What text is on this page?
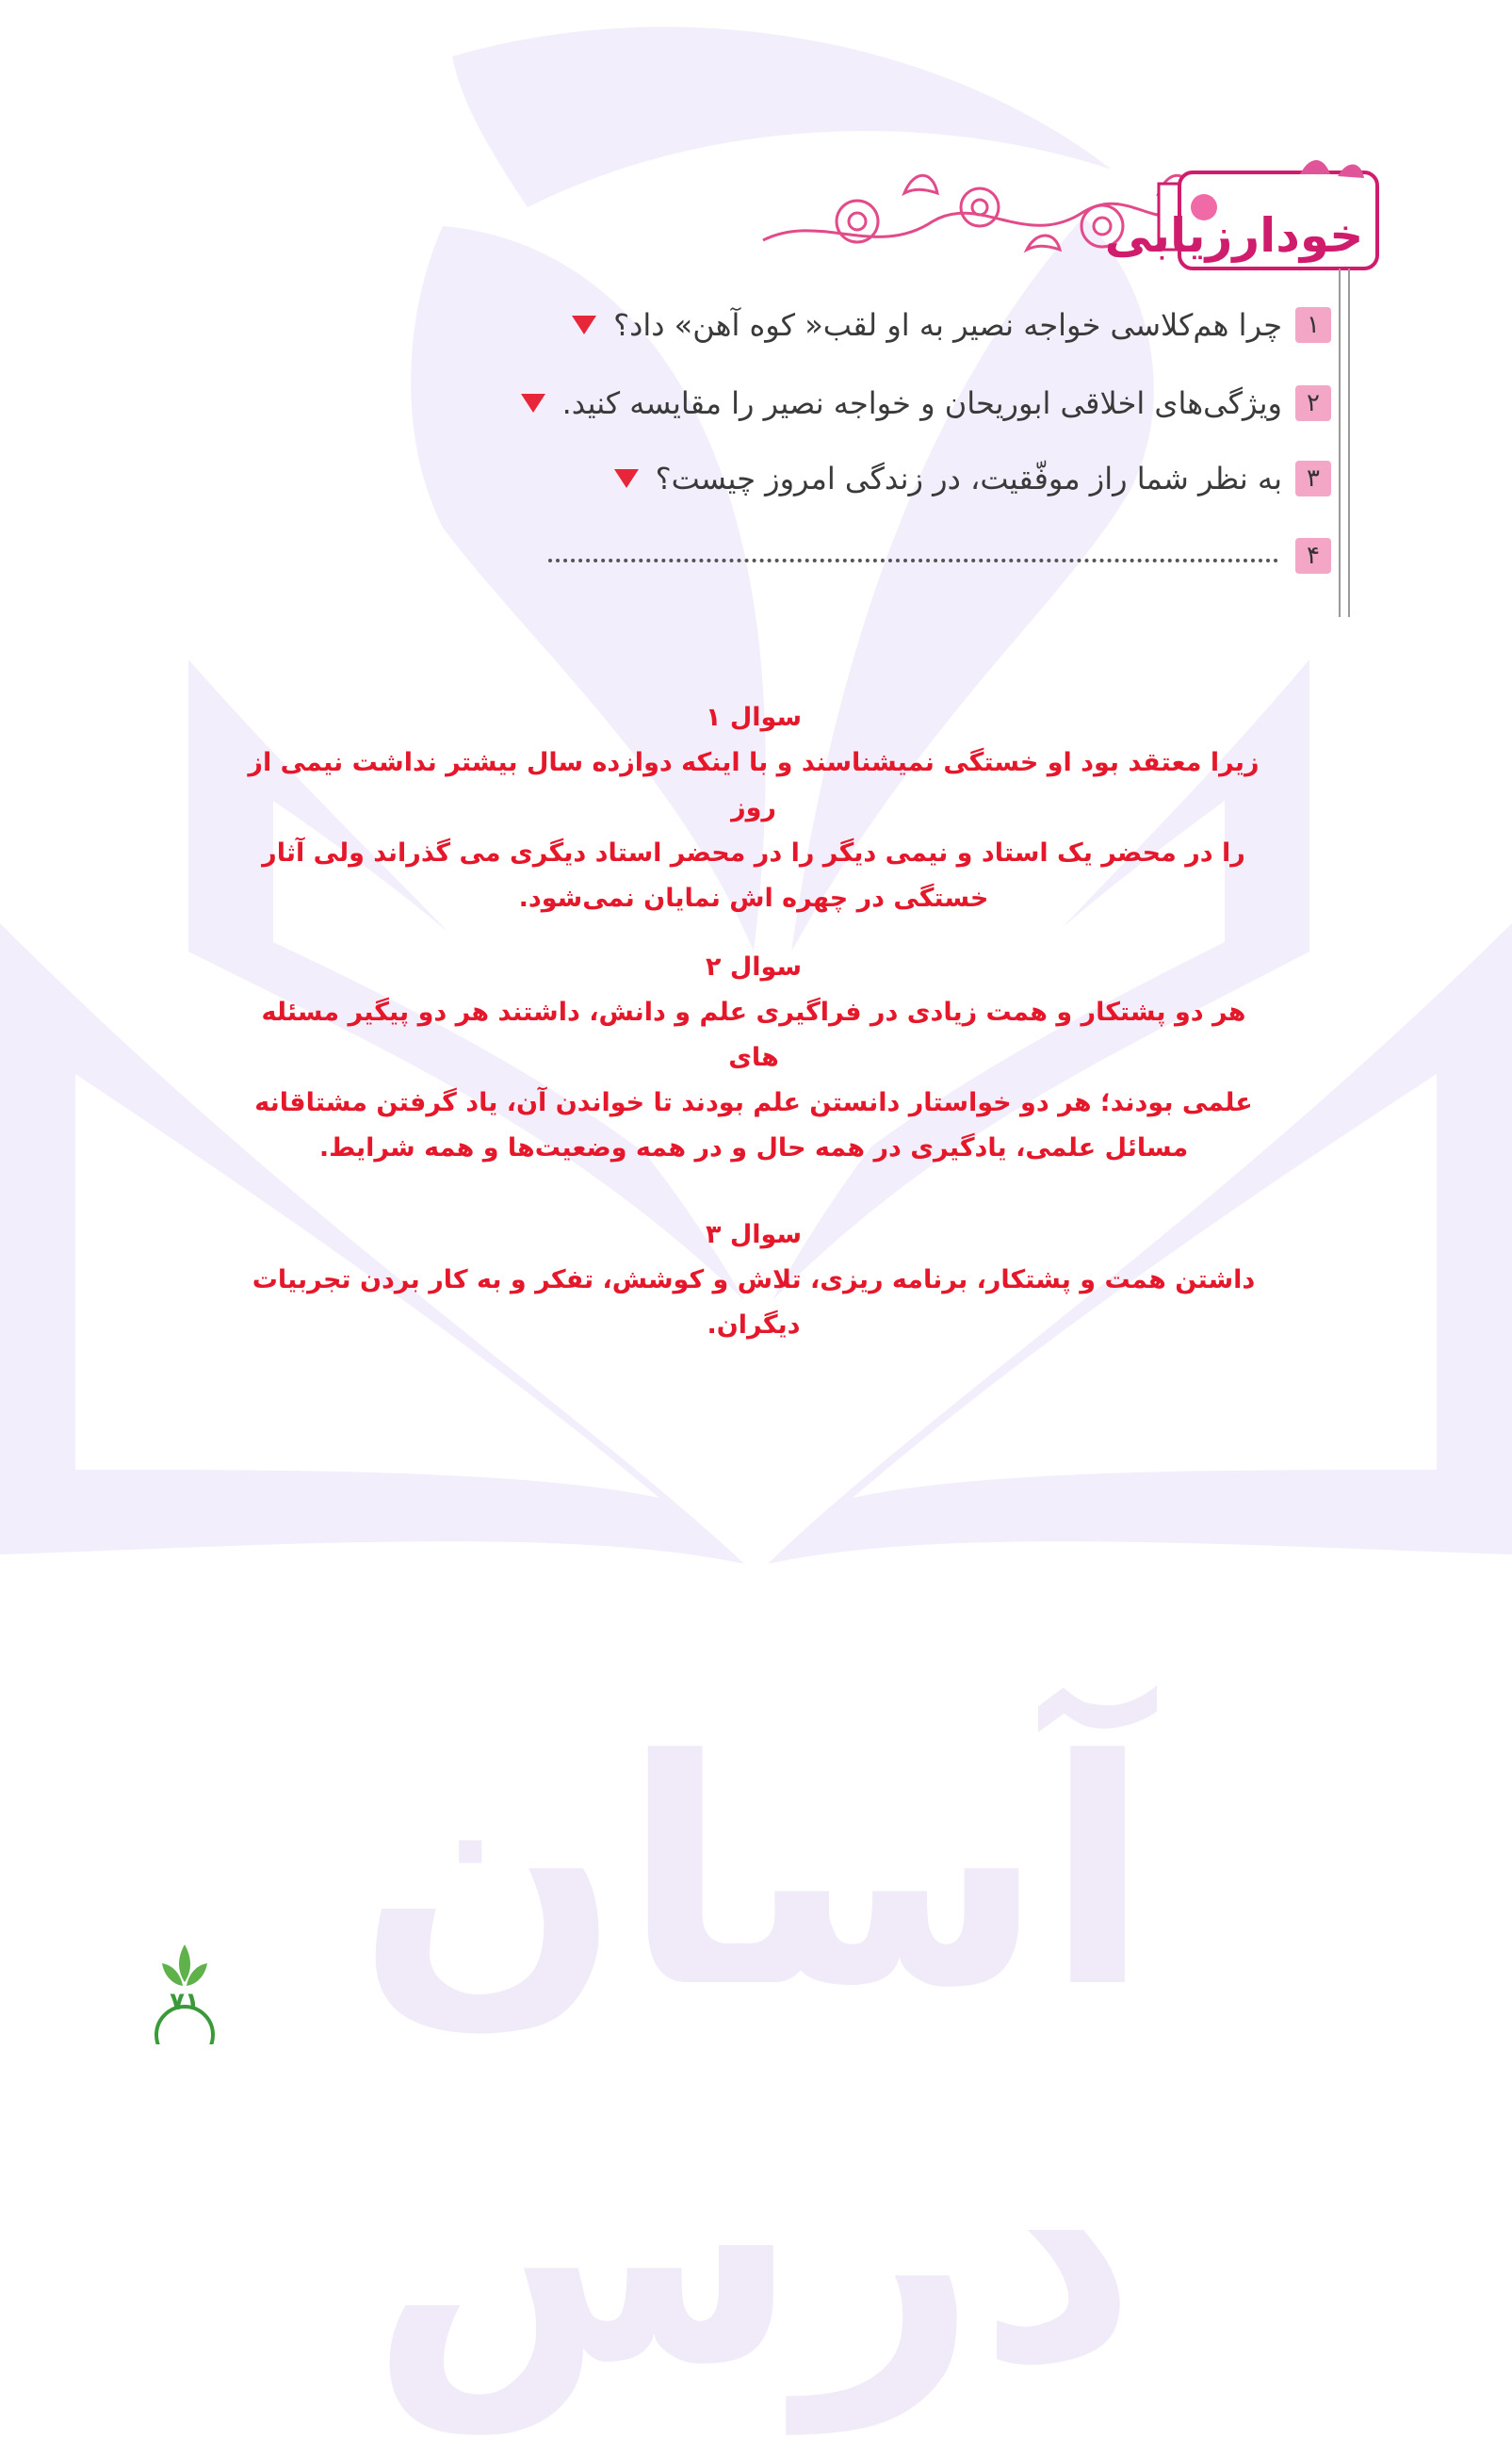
آسان درس
خودارزیابی
۱
چرا هم‌کلاسی خواجه نصیر به او لقب« کوه آهن» داد؟
۲
ویژگی‌های اخلاقی ابوریحان و خواجه نصیر را مقایسه کنید.
۳
به نظر شما راز موفّقیت، در زندگی امروز چیست؟
۴
سوال ۱
زیرا معتقد بود او خستگی نمیشناسند و با اینکه دوازده سال بیشتر نداشت نیمی از روز
را در محضر یک استاد و نیمی دیگر را در محضر استاد دیگری می گذراند ولی آثار
خستگی در چهره اش نمایان نمی‌شود.
سوال ۲
هر دو پشتکار و همت زیادی در فراگیری علم و دانش، داشتند هر دو پیگیر مسئله های
علمی بودند؛ هر دو خواستار دانستن علم بودند تا خواندن آن، یاد گرفتن مشتاقانه
مسائل علمی، یادگیری در همه حال و در همه وضعیت‌ها و همه شرایط.
سوال ۳
داشتن همت و پشتکار، برنامه ریزی، تلاش و کوشش، تفکر و به کار بردن تجربیات دیگران.
۷۱
